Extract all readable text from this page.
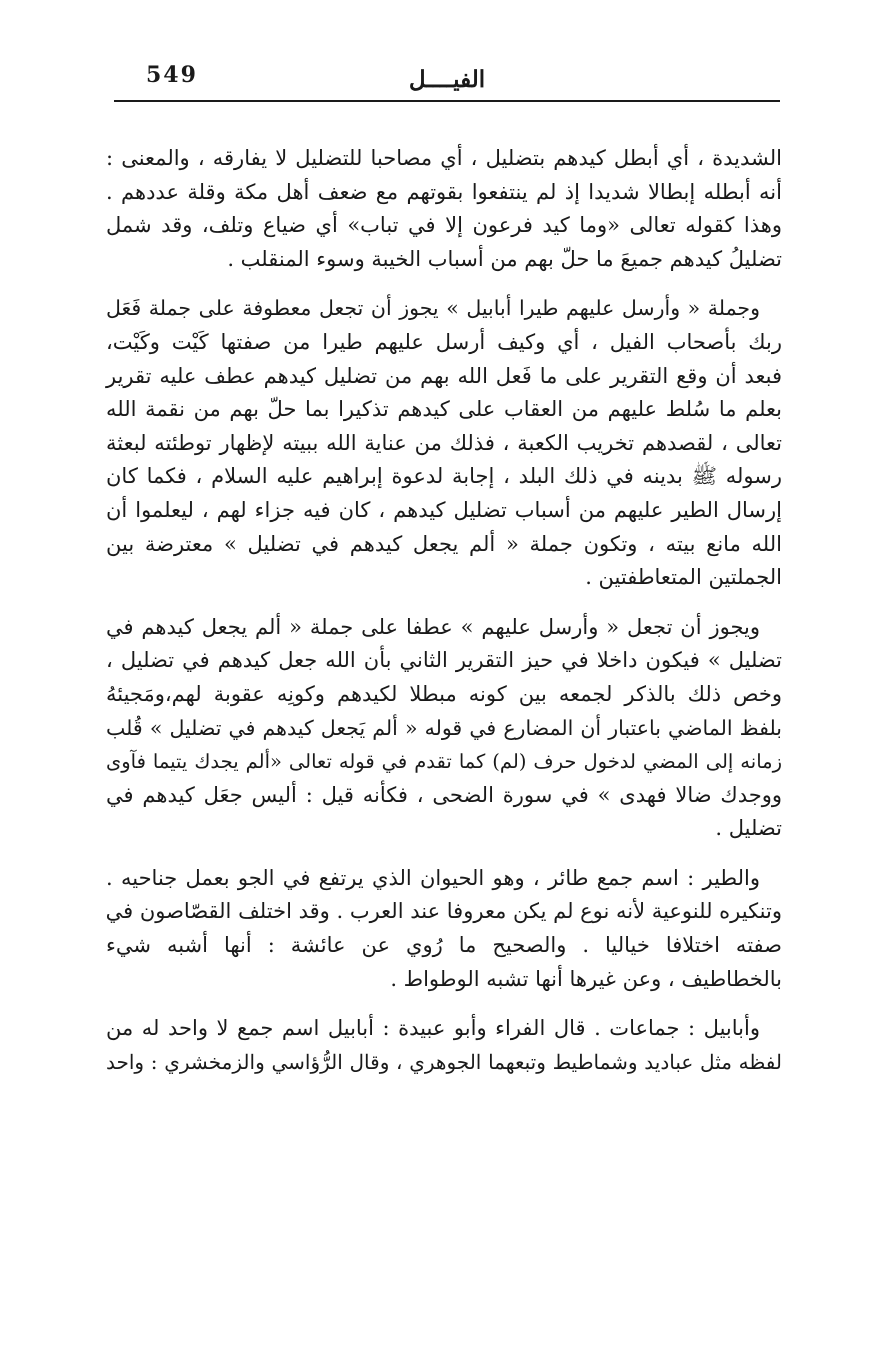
549	الفيــــل

الشديدة ، أي أبطل كيدهم بتضليل ، أي مصاحبا للتضليل لا يفارقه ، والمعنى :
أنه أبطله إبطالا شديدا إذ لم ينتفعوا بقوتهم مع ضعف أهل مكة وقلة عددهم .
وهذا كقوله تعالى «وما كيد فرعون إلا في تباب» أي ضياع وتلف، وقد شمل
تضليلُ كيدهم جميعَ ما حلّ بهم من أسباب الخيبة وسوء المنقلب .

وجملة « وأرسل عليهم طيرا أبابيل » يجوز أن تجعل معطوفة على جملة فَعَل
ربك بأصحاب الفيل ، أي وكيف أرسل عليهم طيرا من صفتها كَيْت وكَيْت،
فبعد أن وقع التقرير على ما فَعل الله بهم من تضليل كيدهم عطف عليه تقرير
بعلم ما سُلط عليهم من العقاب على كيدهم تذكيرا بما حلّ بهم من نقمة الله
تعالى ، لقصدهم تخريب الكعبة ، فذلك من عناية الله ببيته لإظهار توطئته لبعثة
رسوله ﷺ بدينه في ذلك البلد ، إجابة لدعوة إبراهيم عليه السلام ، فكما كان
إرسال الطير عليهم من أسباب تضليل كيدهم ، كان فيه جزاء لهم ، ليعلموا أن
الله مانع بيته ، وتكون جملة « ألم يجعل كيدهم في تضليل » معترضة بين
الجملتين المتعاطفتين .

ويجوز أن تجعل « وأرسل عليهم » عطفا على جملة « ألم يجعل كيدهم في
تضليل » فيكون داخلا في حيز التقرير الثاني بأن الله جعل كيدهم في تضليل ،
وخص ذلك بالذكر لجمعه بين كونه مبطلا لكيدهم وكونِه عقوبة لهم،ومَجيئهُ
بلفظ الماضي باعتبار أن المضارع في قوله « ألم يَجعل كيدهم في تضليل » قُلب
زمانه إلى المضي لدخول حرف (لم) كما تقدم في قوله تعالى «ألم يجدك يتيما فآوى
ووجدك ضالا فهدى » في سورة الضحى ، فكأنه قيل : أليس جعَل كيدهم في
تضليل .

والطير : اسم جمع طائر ، وهو الحيوان الذي يرتفع في الجو بعمل جناحيه .
وتنكيره للنوعية لأنه نوع لم يكن معروفا عند العرب . وقد اختلف القصّاصون في
صفته اختلافا خياليا . والصحيح ما رُوي عن عائشة : أنها أشبه شيء
بالخطاطيف ، وعن غيرها أنها تشبه الوطواط .

وأبابيل : جماعات . قال الفراء وأبو عبيدة : أبابيل اسم جمع لا واحد له من
لفظه مثل عباديد وشماطيط وتبعهما الجوهري ، وقال الرُّؤاسي والزمخشري : واحد
